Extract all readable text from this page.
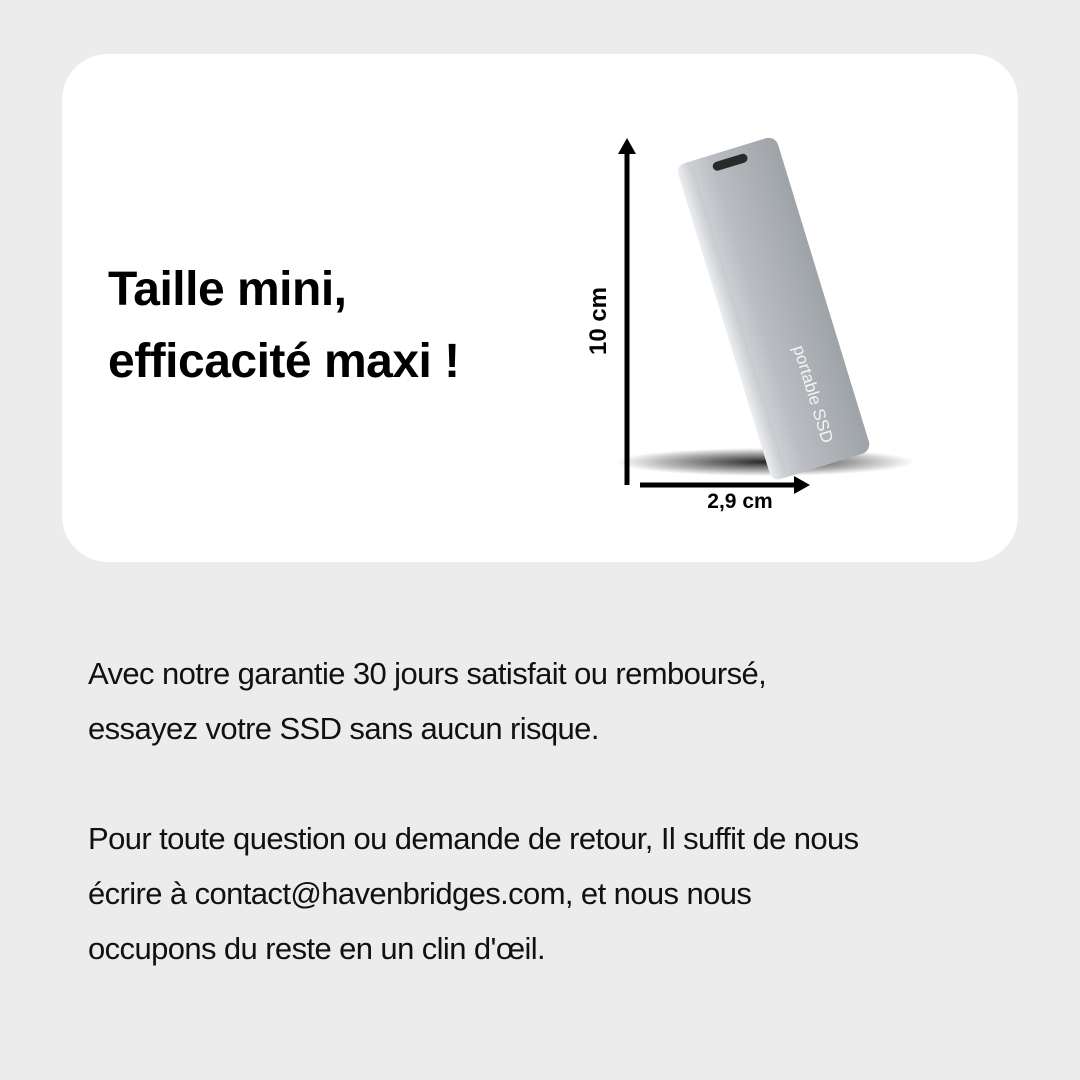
Taille mini,
efficacité maxi !	portable SSD
10 cm
2,9 cm

Avec notre garantie 30 jours satisfait ou remboursé,
essayez votre SSD sans aucun risque.

Pour toute question ou demande de retour, Il suffit de nous
écrire à contact@havenbridges.com, et nous nous
occupons du reste en un clin d'œil.
